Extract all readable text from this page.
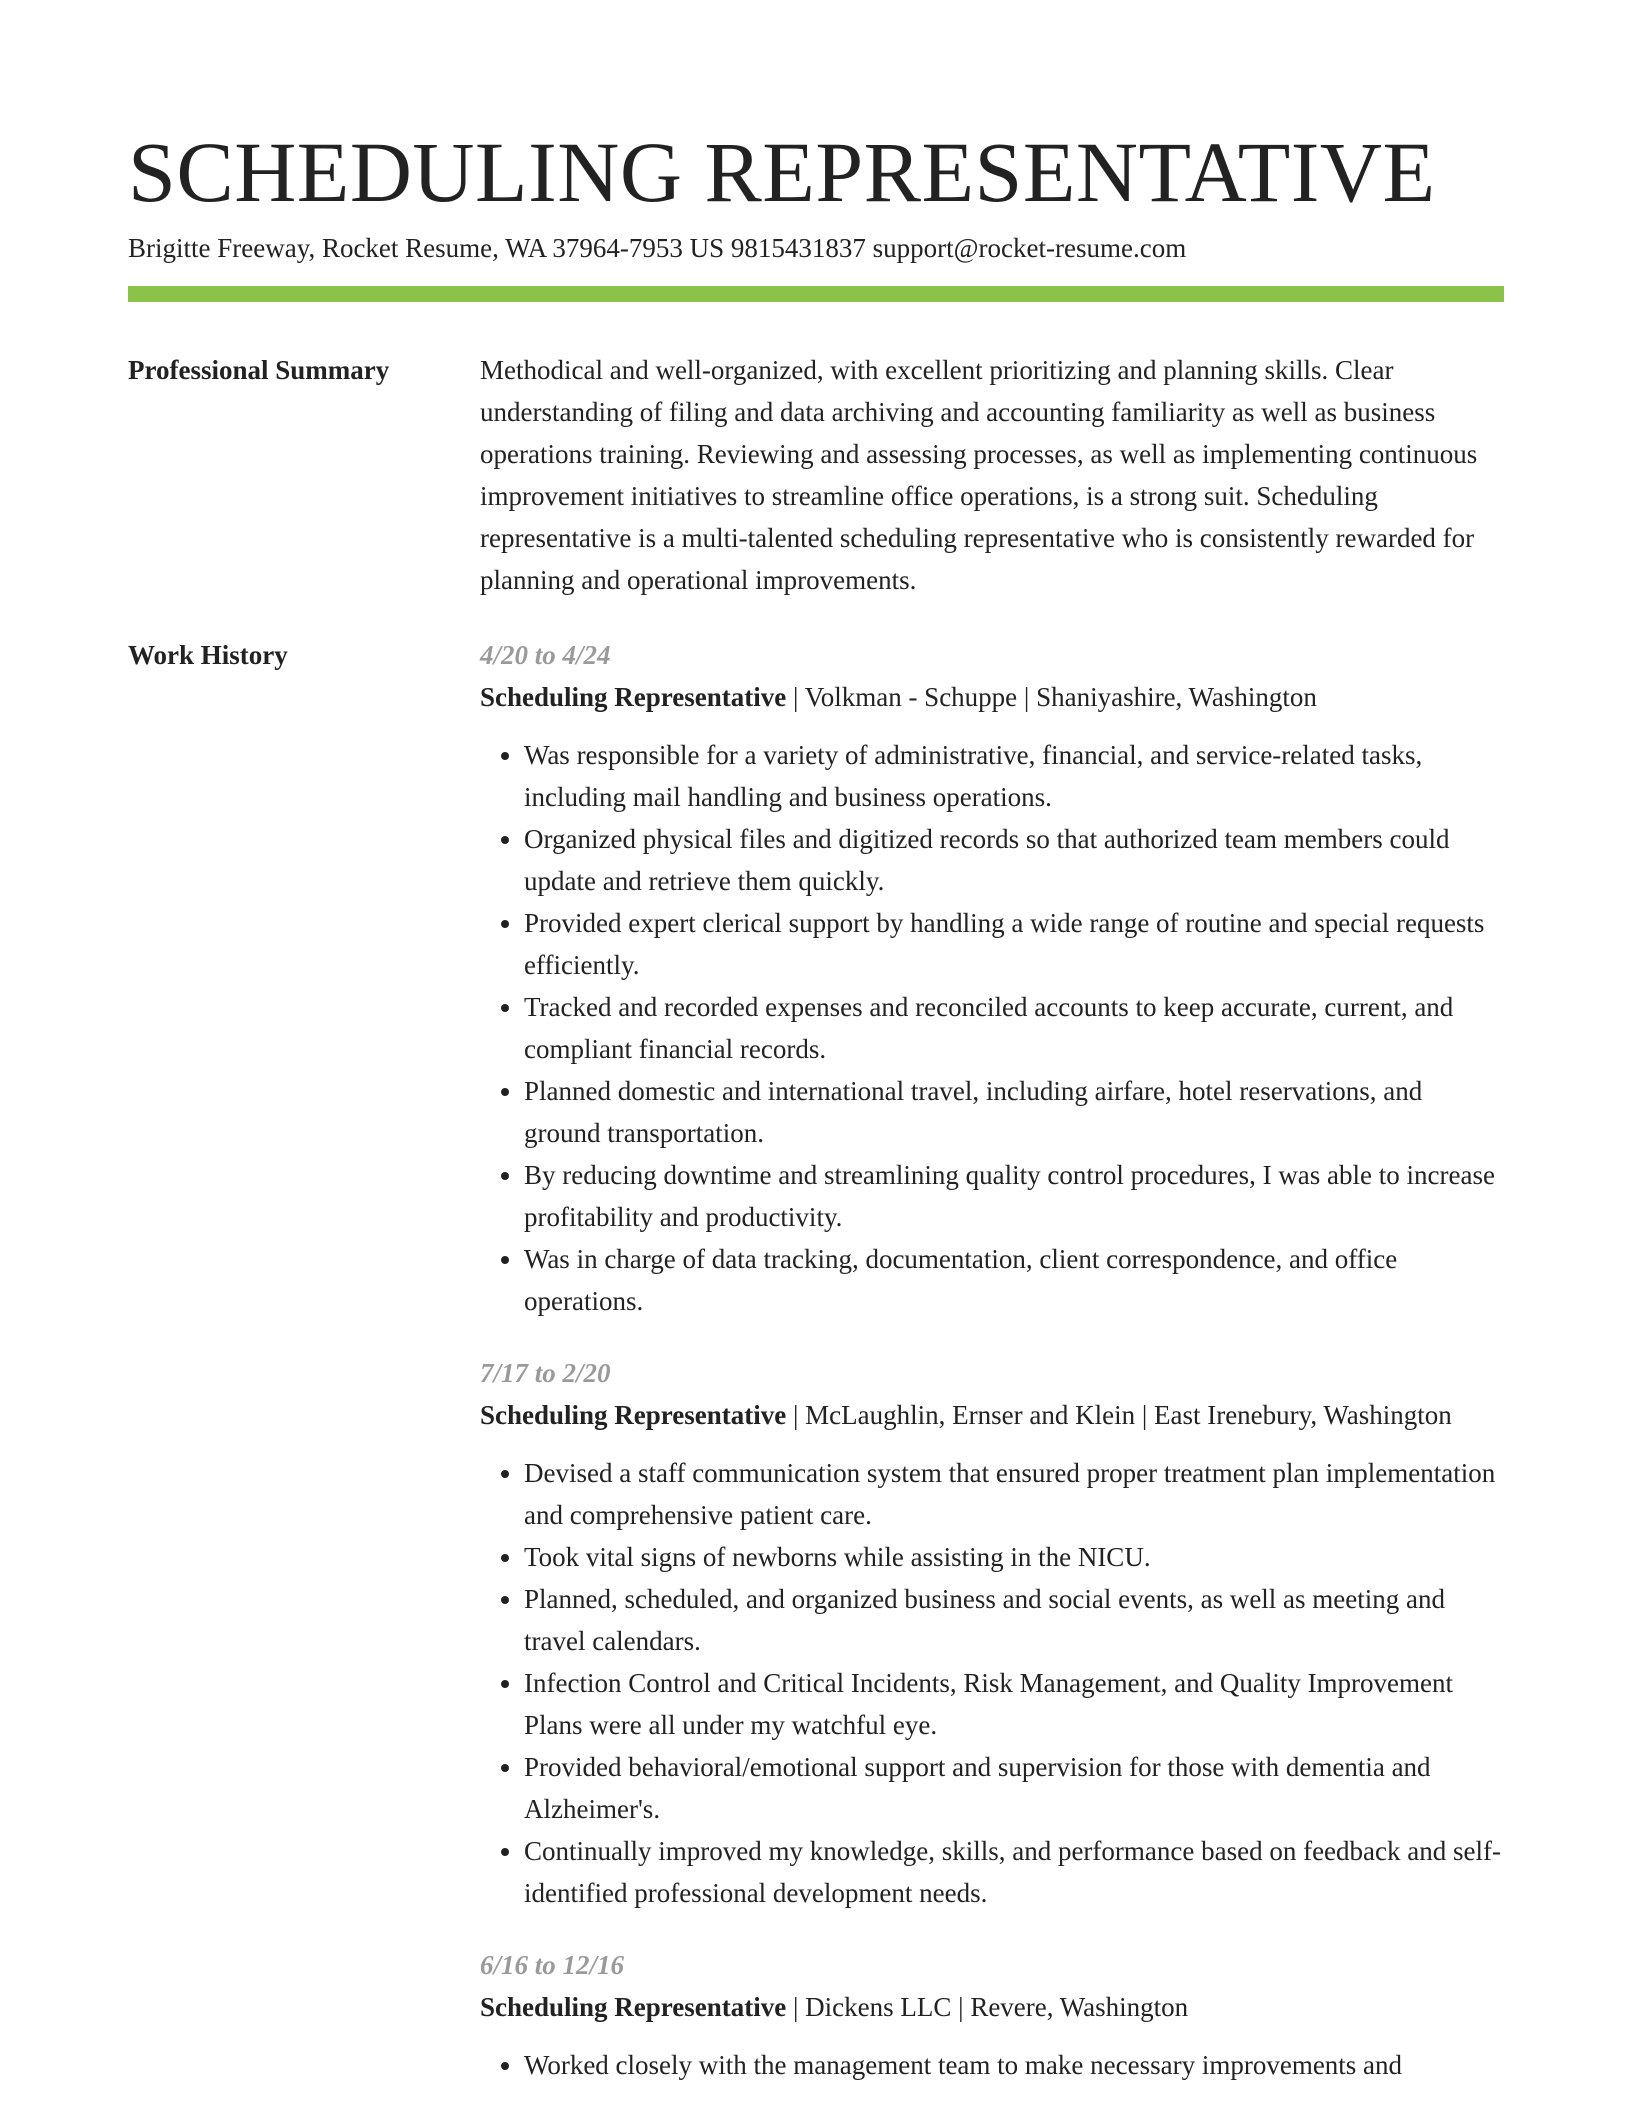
SCHEDULING REPRESENTATIVE
Brigitte Freeway, Rocket Resume, WA 37964-7953 US 9815431837 support@rocket-resume.com
Professional Summary	Methodical and well-organized, with excellent prioritizing and planning skills. Clear understanding of filing and data archiving and accounting familiarity as well as business operations training. Reviewing and assessing processes, as well as implementing continuous improvement initiatives to streamline office operations, is a strong suit. Scheduling representative is a multi-talented scheduling representative who is consistently rewarded for planning and operational improvements.

Work History	4/20 to 4/24
Scheduling Representative | Volkman - Schuppe | Shaniyashire, Washington
• Was responsible for a variety of administrative, financial, and service-related tasks, including mail handling and business operations.
• Organized physical files and digitized records so that authorized team members could update and retrieve them quickly.
• Provided expert clerical support by handling a wide range of routine and special requests efficiently.
• Tracked and recorded expenses and reconciled accounts to keep accurate, current, and compliant financial records.
• Planned domestic and international travel, including airfare, hotel reservations, and ground transportation.
• By reducing downtime and streamlining quality control procedures, I was able to increase profitability and productivity.
• Was in charge of data tracking, documentation, client correspondence, and office operations.
7/17 to 2/20
Scheduling Representative | McLaughlin, Ernser and Klein | East Irenebury, Washington
• Devised a staff communication system that ensured proper treatment plan implementation and comprehensive patient care.
• Took vital signs of newborns while assisting in the NICU.
• Planned, scheduled, and organized business and social events, as well as meeting and travel calendars.
• Infection Control and Critical Incidents, Risk Management, and Quality Improvement Plans were all under my watchful eye.
• Provided behavioral/emotional support and supervision for those with dementia and Alzheimer's.
• Continually improved my knowledge, skills, and performance based on feedback and self-identified professional development needs.
6/16 to 12/16
Scheduling Representative | Dickens LLC | Revere, Washington
• Worked closely with the management team to make necessary improvements and
